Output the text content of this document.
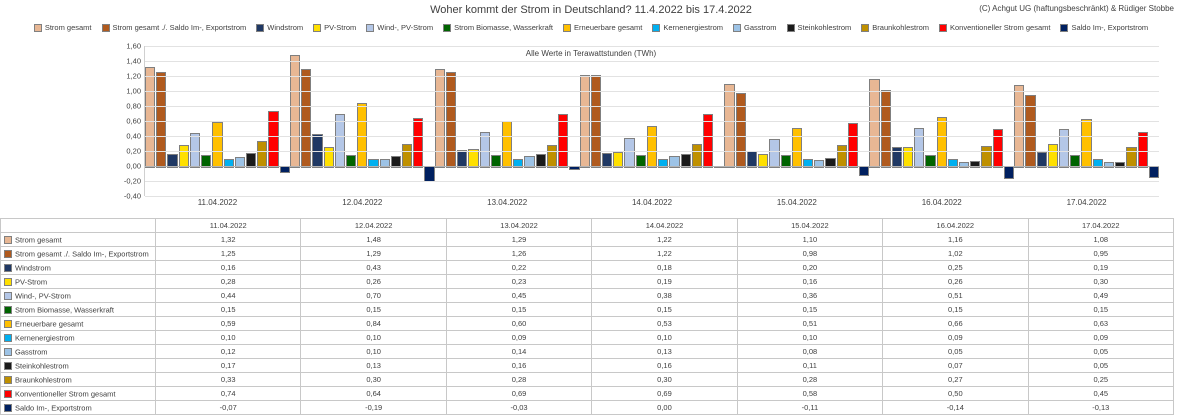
Woher kommt der Strom in Deutschland? 11.4.2022 bis 17.4.2022	(C) Achgut UG (haftungsbeschränkt) & Rüdiger Stobbe
Strom gesamt	Strom gesamt ./. Saldo Im-, Exportstrom	Windstrom	PV-Strom	Wind-, PV-Strom	Strom Biomasse, Wasserkraft	Erneuerbare gesamt	Kernenergiestrom	Gasstrom	Steinkohlestrom	Braunkohlestrom	Konventioneller Strom gesamt	Saldo Im-, Exportstrom
Alle Werte in Terawattstunden (TWh)
11.04.2022	12.04.2022	13.04.2022	14.04.2022	15.04.2022	16.04.2022	17.04.2022
1,60
1,40
1,20
1,00
0,80
0,60
0,40
0,20
0,00
-0,20
-0,40
	11.04.2022	12.04.2022	13.04.2022	14.04.2022	15.04.2022	16.04.2022	17.04.2022
Strom gesamt	1,32	1,48	1,29	1,22	1,10	1,16	1,08
Strom gesamt ./. Saldo Im-, Exportstrom	1,25	1,29	1,26	1,22	0,98	1,02	0,95
Windstrom	0,16	0,43	0,22	0,18	0,20	0,25	0,19
PV-Strom	0,28	0,26	0,23	0,19	0,16	0,26	0,30
Wind-, PV-Strom	0,44	0,70	0,45	0,38	0,36	0,51	0,49
Strom Biomasse, Wasserkraft	0,15	0,15	0,15	0,15	0,15	0,15	0,15
Erneuerbare gesamt	0,59	0,84	0,60	0,53	0,51	0,66	0,63
Kernenergiestrom	0,10	0,10	0,09	0,10	0,10	0,09	0,09
Gasstrom	0,12	0,10	0,14	0,13	0,08	0,05	0,05
Steinkohlestrom	0,17	0,13	0,16	0,16	0,11	0,07	0,05
Braunkohlestrom	0,33	0,30	0,28	0,30	0,28	0,27	0,25
Konventioneller Strom gesamt	0,74	0,64	0,69	0,69	0,58	0,50	0,45
Saldo Im-, Exportstrom	-0,07	-0,19	-0,03	0,00	-0,11	-0,14	-0,13
